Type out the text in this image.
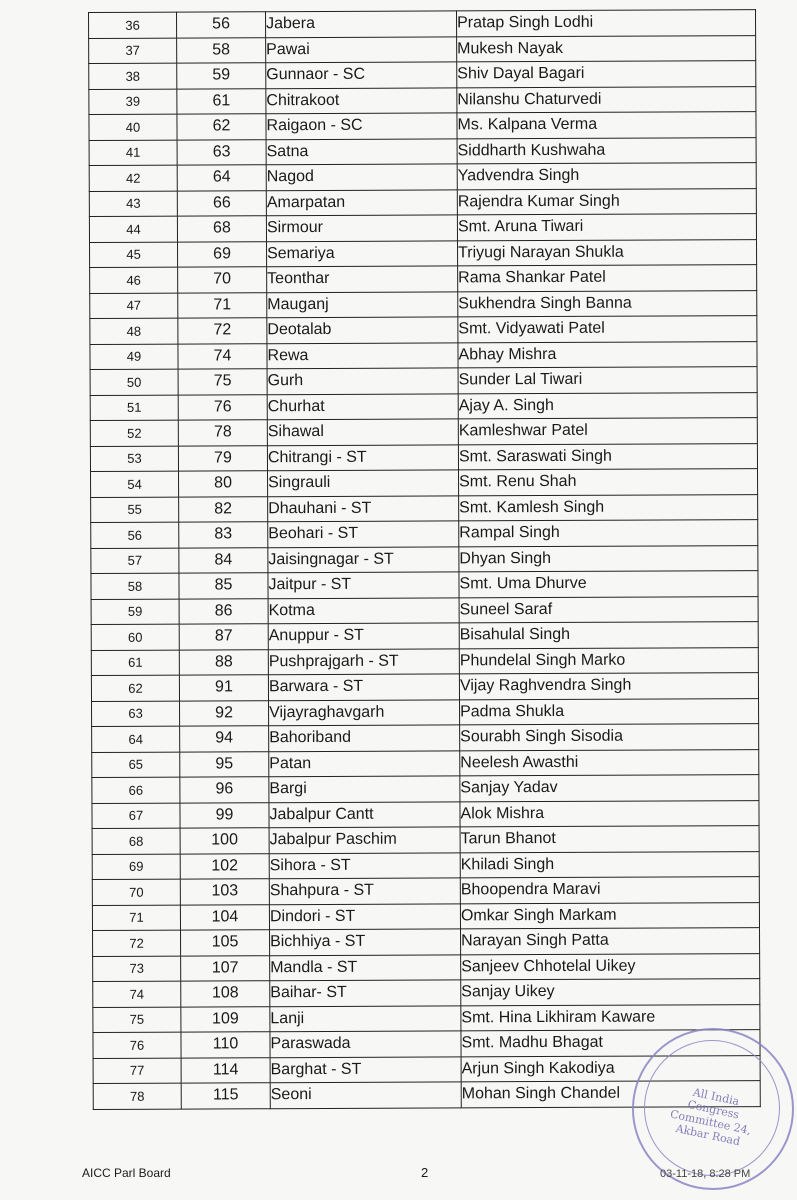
36	56	Jabera	Pratap Singh Lodhi
37	58	Pawai	Mukesh Nayak
38	59	Gunnaor - SC	Shiv Dayal Bagari
39	61	Chitrakoot	Nilanshu Chaturvedi
40	62	Raigaon - SC	Ms. Kalpana Verma
41	63	Satna	Siddharth Kushwaha
42	64	Nagod	Yadvendra Singh
43	66	Amarpatan	Rajendra Kumar Singh
44	68	Sirmour	Smt. Aruna Tiwari
45	69	Semariya	Triyugi Narayan Shukla
46	70	Teonthar	Rama Shankar Patel
47	71	Mauganj	Sukhendra Singh Banna
48	72	Deotalab	Smt. Vidyawati Patel
49	74	Rewa	Abhay Mishra
50	75	Gurh	Sunder Lal Tiwari
51	76	Churhat	Ajay A. Singh
52	78	Sihawal	Kamleshwar Patel
53	79	Chitrangi - ST	Smt. Saraswati Singh
54	80	Singrauli	Smt. Renu Shah
55	82	Dhauhani - ST	Smt. Kamlesh Singh
56	83	Beohari - ST	Rampal Singh
57	84	Jaisingnagar - ST	Dhyan Singh
58	85	Jaitpur - ST	Smt. Uma Dhurve
59	86	Kotma	Suneel Saraf
60	87	Anuppur - ST	Bisahulal Singh
61	88	Pushprajgarh - ST	Phundelal Singh Marko
62	91	Barwara - ST	Vijay Raghvendra Singh
63	92	Vijayraghavgarh	Padma Shukla
64	94	Bahoriband	Sourabh Singh Sisodia
65	95	Patan	Neelesh Awasthi
66	96	Bargi	Sanjay Yadav
67	99	Jabalpur Cantt	Alok Mishra
68	100	Jabalpur Paschim	Tarun Bhanot
69	102	Sihora - ST	Khiladi Singh
70	103	Shahpura - ST	Bhoopendra Maravi
71	104	Dindori - ST	Omkar Singh Markam
72	105	Bichhiya - ST	Narayan Singh Patta
73	107	Mandla - ST	Sanjeev Chhotelal Uikey
74	108	Baihar- ST	Sanjay Uikey
75	109	Lanji	Smt. Hina Likhiram Kaware
76	110	Paraswada	Smt. Madhu Bhagat
77	114	Barghat - ST	Arjun Singh Kakodiya
78	115	Seoni	Mohan Singh Chandel	All India Congress Committee 24, Akbar Road
AICC Parl Board	2	03-11-18, 8:28 PM
